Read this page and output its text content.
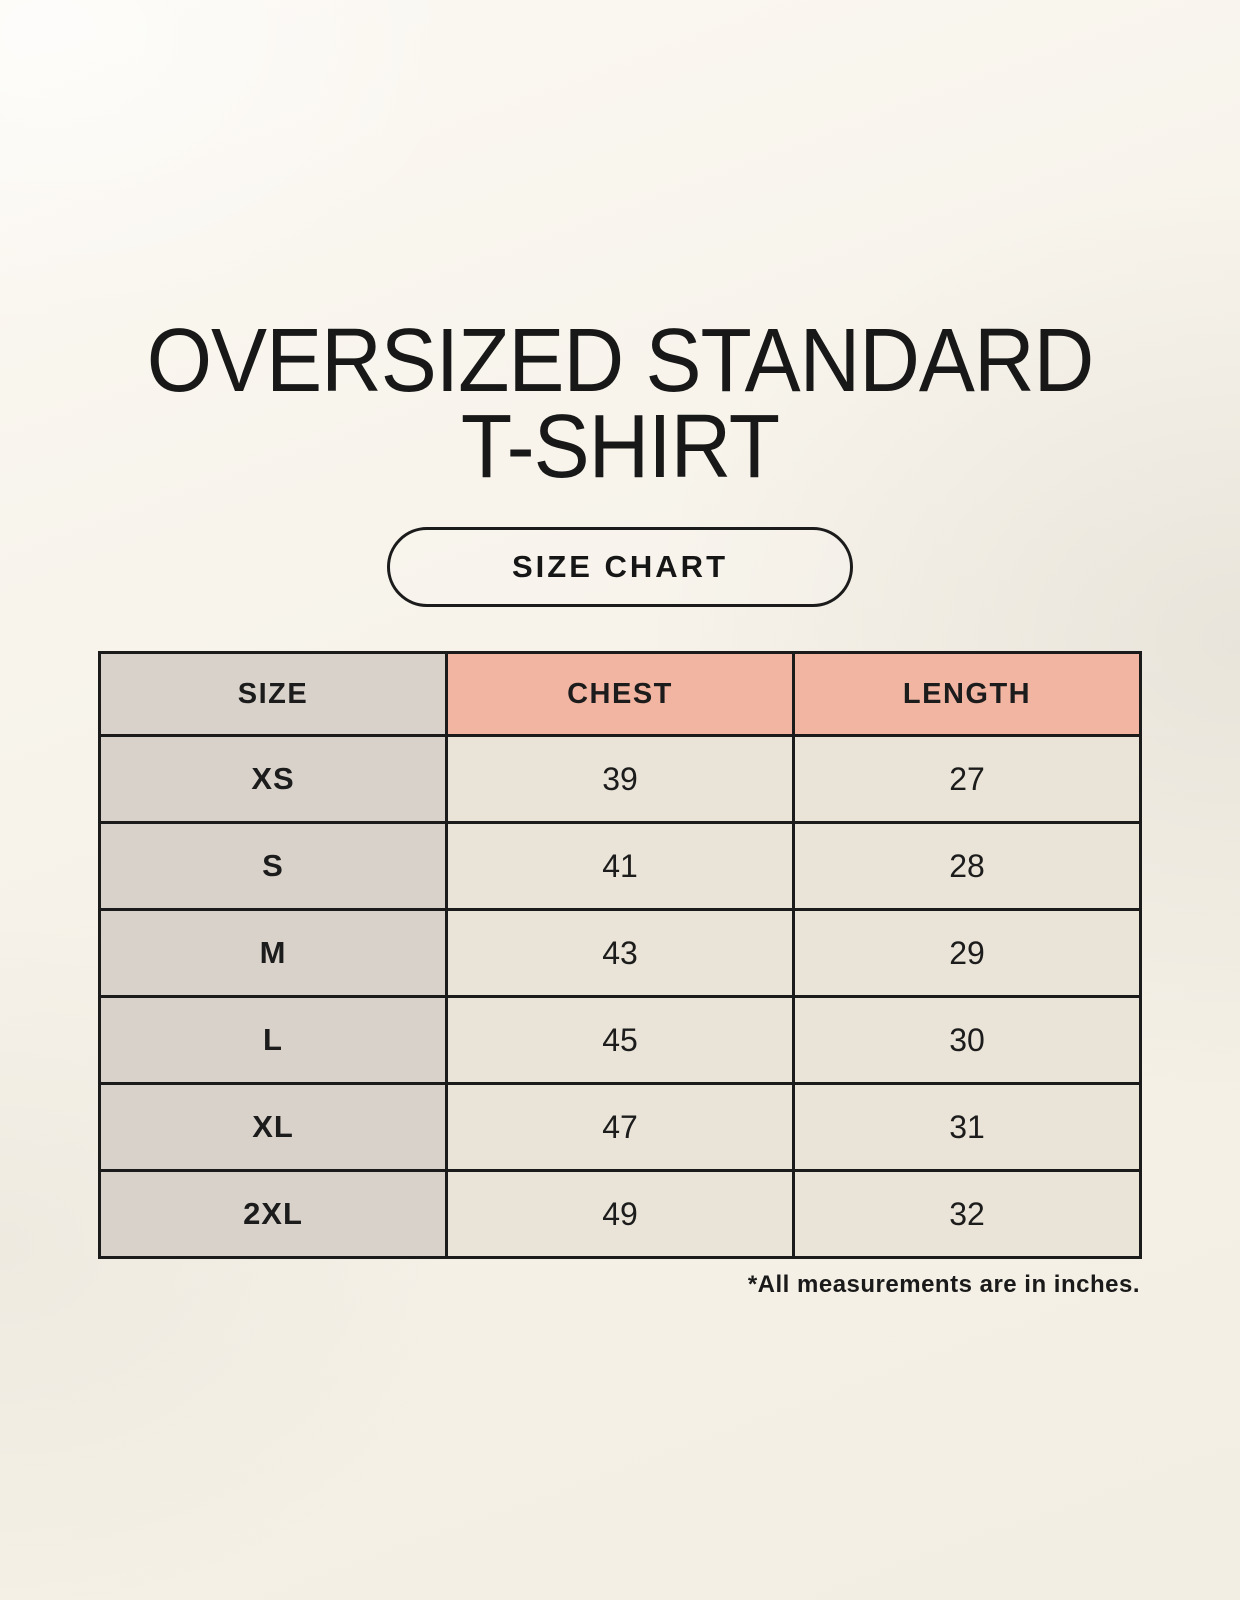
OVERSIZED STANDARD
T-SHIRT
SIZE CHART
SIZE	CHEST	LENGTH
XS	39	27
S	41	28
M	43	29
L	45	30
XL	47	31
2XL	49	32

*All measurements are in inches.
